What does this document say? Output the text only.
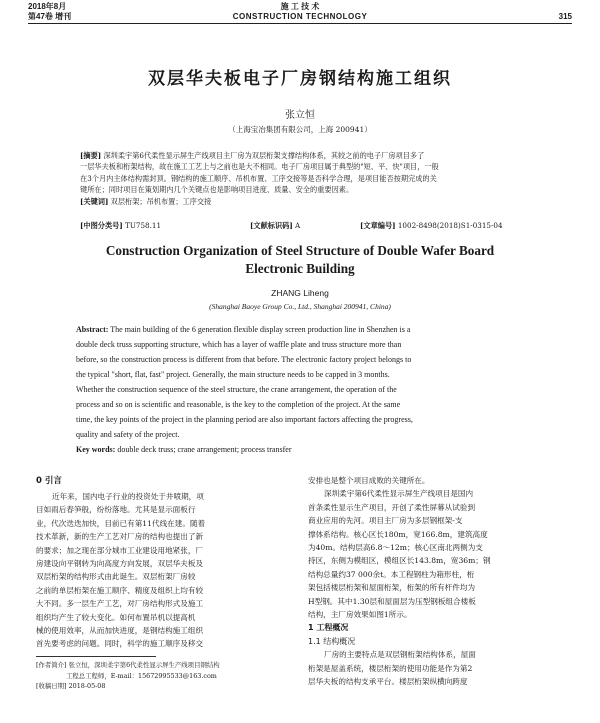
2018年8月
第47卷 增刊
施 工 技 术
CONSTRUCTION TECHNOLOGY	315
双层华夫板电子厂房钢结构施工组织
张立恒
（上海宝冶集团有限公司，上海 200941）
[摘要] 深圳柔宇第6代柔性显示屏生产线项目主厂房为双层桁架支撑结构体系，其较之前的电子厂房项目多了
一层华夫板和桁架结构，故在施工工艺上与之前也是大不相同。电子厂房项目属于典型的"短、平、快"项目，一般
在3个月内主体结构需封顶。钢结构的施工顺序、吊机布置、工序交接等是否科学合理，是项目能否按期完成的关
键所在；同时项目在策划期内几个关键点也是影响项目进度、质量、安全的重要因素。
[关键词] 双层桁架；吊机布置；工序交接
[中图分类号] TU758.11	[文献标识码] A	[文章编号] 1002-8498(2018)S1-0315-04
Construction Organization of Steel Structure of Double Wafer Board
Electronic Building
ZHANG Liheng
(Shanghai Baoye Group Co., Ltd., Shanghai 200941, China)
Abstract: The main building of the 6 generation flexible display screen production line in Shenzhen is a
double deck truss supporting structure, which has a layer of waffle plate and truss structure more than
before, so the construction process is different from that before. The electronic factory project belongs to
the typical "short, flat, fast" project. Generally, the main structure needs to be capped in 3 months.
Whether the construction sequence of the steel structure, the crane arrangement, the operation of the
process and so on is scientific and reasonable, is the key to the completion of the project. At the same
time, the key points of the project in the planning period are also important factors affecting the progress,
quality and safety of the project.
Key words: double deck truss; crane arrangement; process transfer
0 引言
近年来，国内电子行业的投资处于井喷期，项
目如雨后春笋般，纷纷落地。尤其是显示面板行
业，代次迭迭加快，目前已有第11代线在建。随着
技术革新，新的生产工艺对厂房的结构也提出了新
的要求；加之现在部分城市工业建设用地紧张，厂
房建设向平钢转为向高度方向发展，双层华夫板及
双层桁架的结构形式由此诞生。双层桁架厂房较
之前的单层桁架在施工顺序、精度及组织上均有较
大不同。多一层生产工艺，对厂房结构形式及施工
组织均产生了较大变化。如何布置吊机以提高机
械的使用效率，从而加快进度，是钢结构施工组织
首先要考虑的问题。同时，科学的施工顺序及移交
[作者简介] 张立恒，深圳柔宇第6代柔性显示屏生产线项目钢结构
工程总工程师，E-mail：15672995533@163.com
[收稿日期] 2018-05-08
安排也是整个项目成败的关键所在。
深圳柔宇第6代柔性显示屏生产线项目是国内
首条柔性显示生产项目，开创了柔性屏幕从试验到
商业应用的先河。项目主厂房为多层钢框架-支
撑体系结构。核心区长180m，宽166.8m，建筑高度
为40m。结构层高6.8～12m；核心区南北两侧为支
持区，东侧为模组区，模组区长143.8m，宽36m；钢
结构总量约37 000余t。本工程钢柱为箱形柱，桁
架包括楼层桁架和屋面桁架，桁架的所有杆件均为
H型钢。其中1.30层和屋面层为压型钢板组合楼板
结构，主厂房效果如图1所示。
1 工程概况
1.1 结构概况
厂房的主要特点是双层钢桁架结构体系，屋面
桁架是屋盖系统，楼层桁架的使用功能是作为第2
层华夫板的结构支承平台。楼层桁架纵横向跨度
